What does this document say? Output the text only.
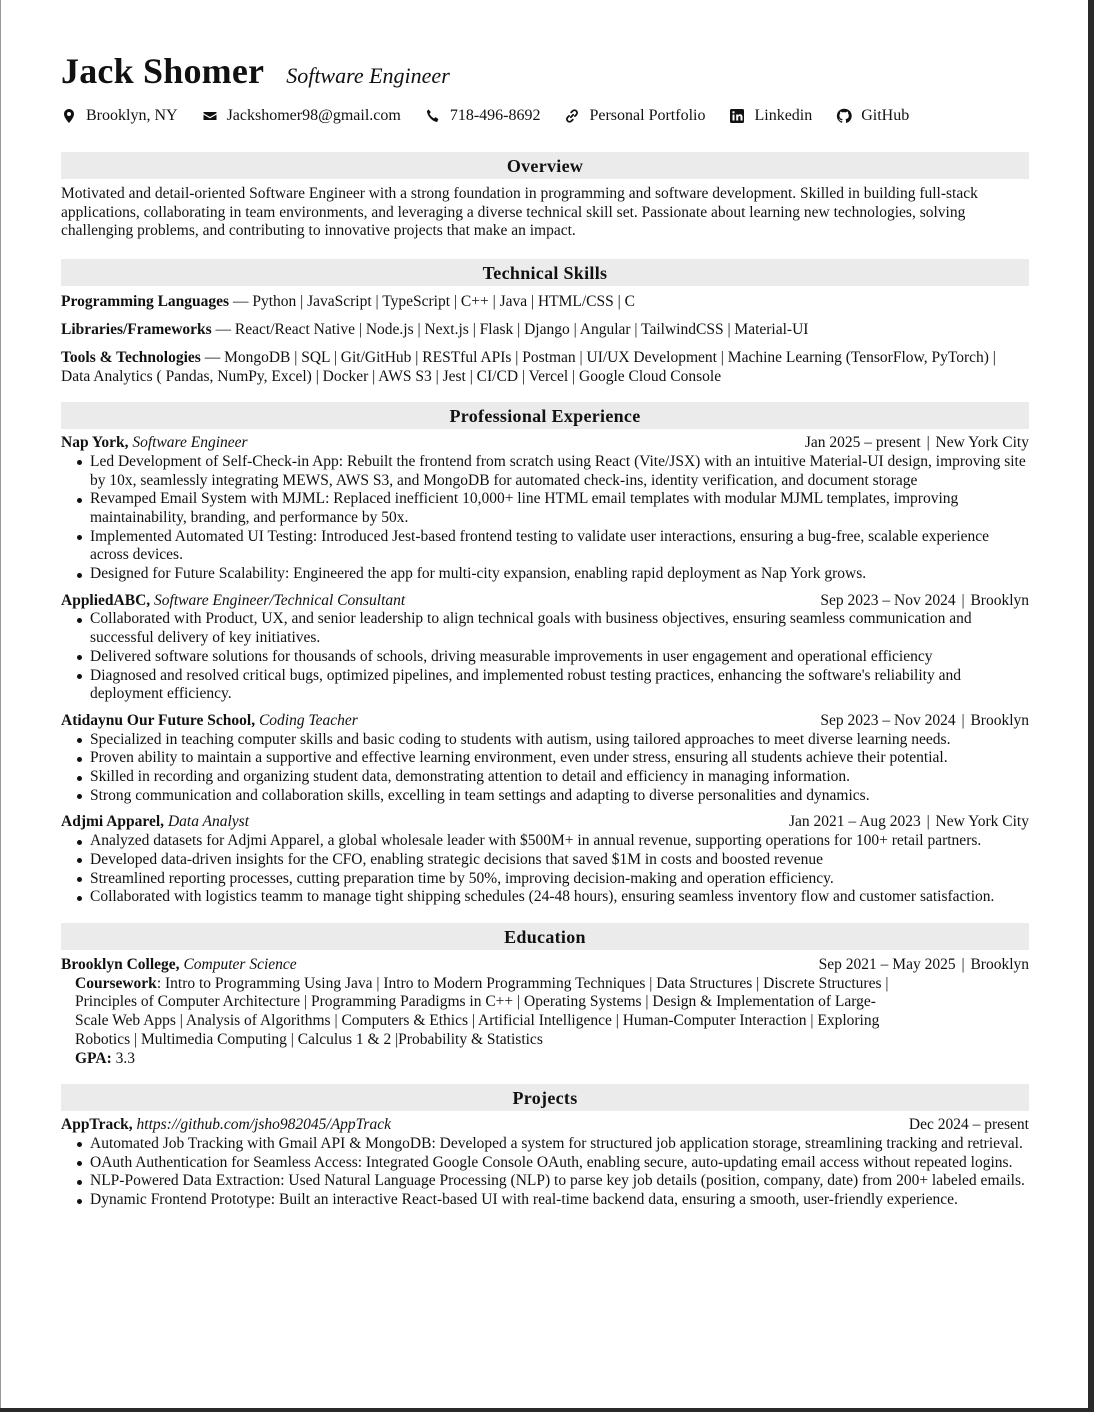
Jack Shomer Software Engineer
Brooklyn, NY	Jackshomer98@gmail.com	718-496-8692	Personal Portfolio	Linkedin	GitHub
Overview
Motivated and detail-oriented Software Engineer with a strong foundation in programming and software development. Skilled in building full-stack applications, collaborating in team environments, and leveraging a diverse technical skill set. Passionate about learning new technologies, solving challenging problems, and contributing to innovative projects that make an impact.
Technical Skills
Programming Languages — Python | JavaScript | TypeScript | C++ | Java | HTML/CSS | C
Libraries/Frameworks — React/React Native | Node.js | Next.js | Flask | Django | Angular | TailwindCSS | Material-UI
Tools & Technologies — MongoDB | SQL | Git/GitHub | RESTful APIs | Postman | UI/UX Development | Machine Learning (TensorFlow, PyTorch) | Data Analytics ( Pandas, NumPy, Excel) | Docker | AWS S3 | Jest | CI/CD | Vercel | Google Cloud Console
Professional Experience
Nap York, Software Engineer	Jan 2025 – present | New York City
Led Development of Self-Check-in App: Rebuilt the frontend from scratch using React (Vite/JSX) with an intuitive Material-UI design, improving site by 10x, seamlessly integrating MEWS, AWS S3, and MongoDB for automated check-ins, identity verification, and document storage
Revamped Email System with MJML: Replaced inefficient 10,000+ line HTML email templates with modular MJML templates, improving maintainability, branding, and performance by 50x.
Implemented Automated UI Testing: Introduced Jest-based frontend testing to validate user interactions, ensuring a bug-free, scalable experience across devices.
Designed for Future Scalability: Engineered the app for multi-city expansion, enabling rapid deployment as Nap York grows.
AppliedABC, Software Engineer/Technical Consultant	Sep 2023 – Nov 2024 | Brooklyn
Collaborated with Product, UX, and senior leadership to align technical goals with business objectives, ensuring seamless communication and successful delivery of key initiatives.
Delivered software solutions for thousands of schools, driving measurable improvements in user engagement and operational efficiency
Diagnosed and resolved critical bugs, optimized pipelines, and implemented robust testing practices, enhancing the software's reliability and deployment efficiency.
Atidaynu Our Future School, Coding Teacher	Sep 2023 – Nov 2024 | Brooklyn
Specialized in teaching computer skills and basic coding to students with autism, using tailored approaches to meet diverse learning needs.
Proven ability to maintain a supportive and effective learning environment, even under stress, ensuring all students achieve their potential.
Skilled in recording and organizing student data, demonstrating attention to detail and efficiency in managing information.
Strong communication and collaboration skills, excelling in team settings and adapting to diverse personalities and dynamics.
Adjmi Apparel, Data Analyst	Jan 2021 – Aug 2023 | New York City
Analyzed datasets for Adjmi Apparel, a global wholesale leader with $500M+ in annual revenue, supporting operations for 100+ retail partners.
Developed data-driven insights for the CFO, enabling strategic decisions that saved $1M in costs and boosted revenue
Streamlined reporting processes, cutting preparation time by 50%, improving decision-making and operation efficiency.
Collaborated with logistics teamm to manage tight shipping schedules (24-48 hours), ensuring seamless inventory flow and customer satisfaction.
Education
Brooklyn College, Computer Science	Sep 2021 – May 2025 | Brooklyn
Coursework: Intro to Programming Using Java | Intro to Modern Programming Techniques | Data Structures | Discrete Structures | Principles of Computer Architecture | Programming Paradigms in C++ | Operating Systems | Design & Implementation of Large-Scale Web Apps | Analysis of Algorithms | Computers & Ethics | Artificial Intelligence | Human-Computer Interaction | Exploring Robotics | Multimedia Computing | Calculus 1 & 2 |Probability & Statistics
GPA: 3.3
Projects
AppTrack, https://github.com/jsho982045/AppTrack	Dec 2024 – present
Automated Job Tracking with Gmail API & MongoDB: Developed a system for structured job application storage, streamlining tracking and retrieval.
OAuth Authentication for Seamless Access: Integrated Google Console OAuth, enabling secure, auto-updating email access without repeated logins.
NLP-Powered Data Extraction: Used Natural Language Processing (NLP) to parse key job details (position, company, date) from 200+ labeled emails.
Dynamic Frontend Prototype: Built an interactive React-based UI with real-time backend data, ensuring a smooth, user-friendly experience.
